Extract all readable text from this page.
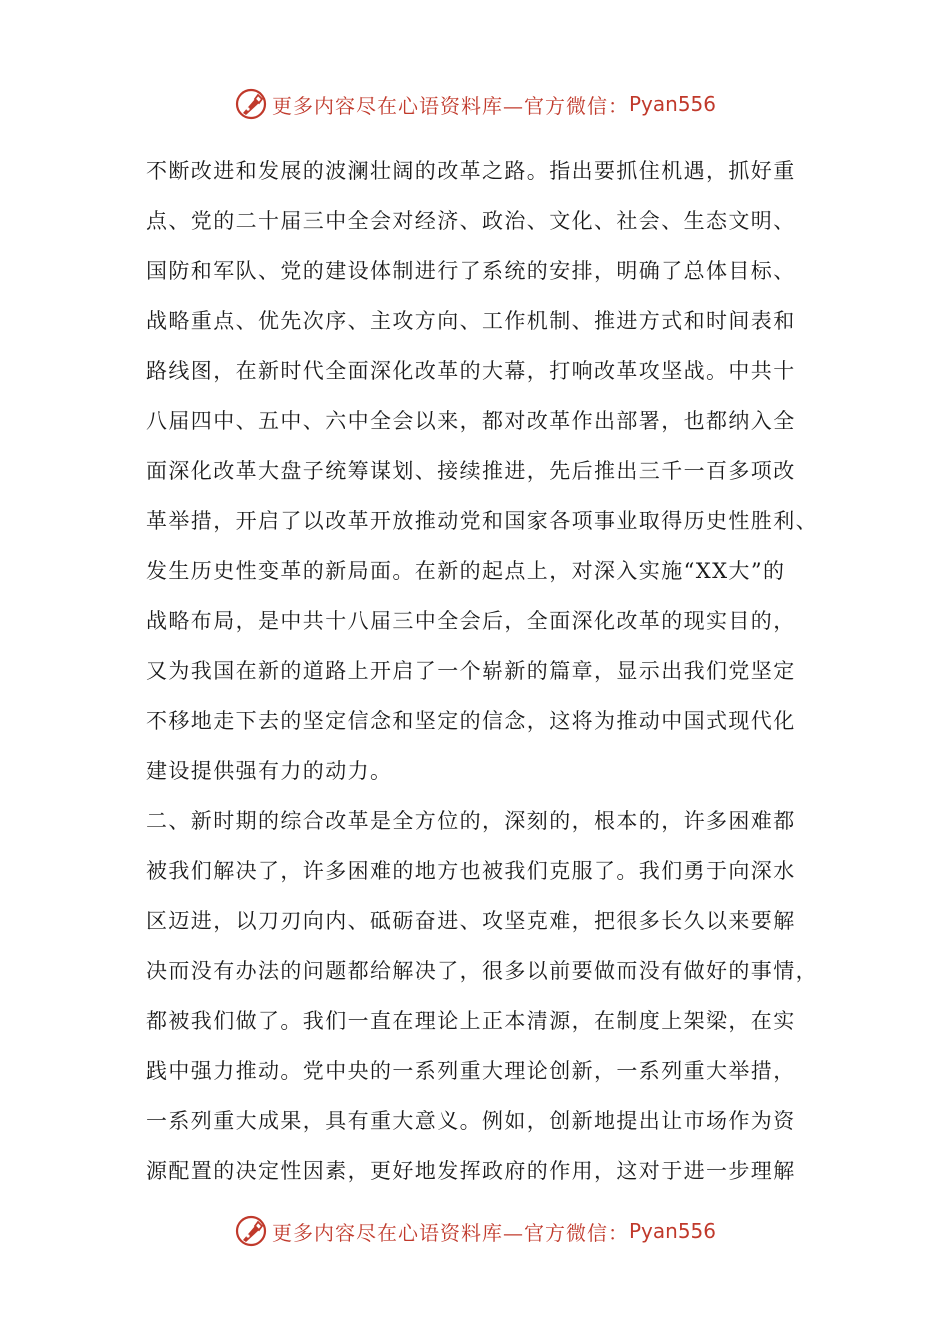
更多内容尽在心语资料库— 官方微信： Pyan556
不断改进和发展的波澜壮阔的改革之路。指出要抓住机遇，抓好重
点、党的二十届三中全会对经济、政治、文化、社会、生态文明、
国防和军队、党的建设体制进行了系统的安排，明确了总体目标、
战略重点、优先次序、主攻方向、工作机制、推进方式和时间表和
路线图，在新时代全面深化改革的大幕，打响改革攻坚战。中共十
八届四中、五中、六中全会以来，都对改革作出部署，也都纳入全
面深化改革大盘子统筹谋划、接续推进，先后推出三千一百多项改
革举措，开启了以改革开放推动党和国家各项事业取得历史性胜利、
发生历史性变革的新局面。在新的起点上，对深入实施“XX大”的
战略布局，是中共十八届三中全会后，全面深化改革的现实目的，
又为我国在新的道路上开启了一个崭新的篇章，显示出我们党坚定
不移地走下去的坚定信念和坚定的信念，这将为推动中国式现代化
建设提供强有力的动力。
二、新时期的综合改革是全方位的，深刻的，根本的，许多困难都
被我们解决了，许多困难的地方也被我们克服了。我们勇于向深水
区迈进，以刀刃向内、砥砺奋进、攻坚克难，把很多长久以来要解
决而没有办法的问题都给解决了，很多以前要做而没有做好的事情，
都被我们做了。我们一直在理论上正本清源，在制度上架梁，在实
践中强力推动。党中央的一系列重大理论创新，一系列重大举措，
一系列重大成果，具有重大意义。例如，创新地提出让市场作为资
源配置的决定性因素，更好地发挥政府的作用，这对于进一步理解
更多内容尽在心语资料库— 官方微信： Pyan556
